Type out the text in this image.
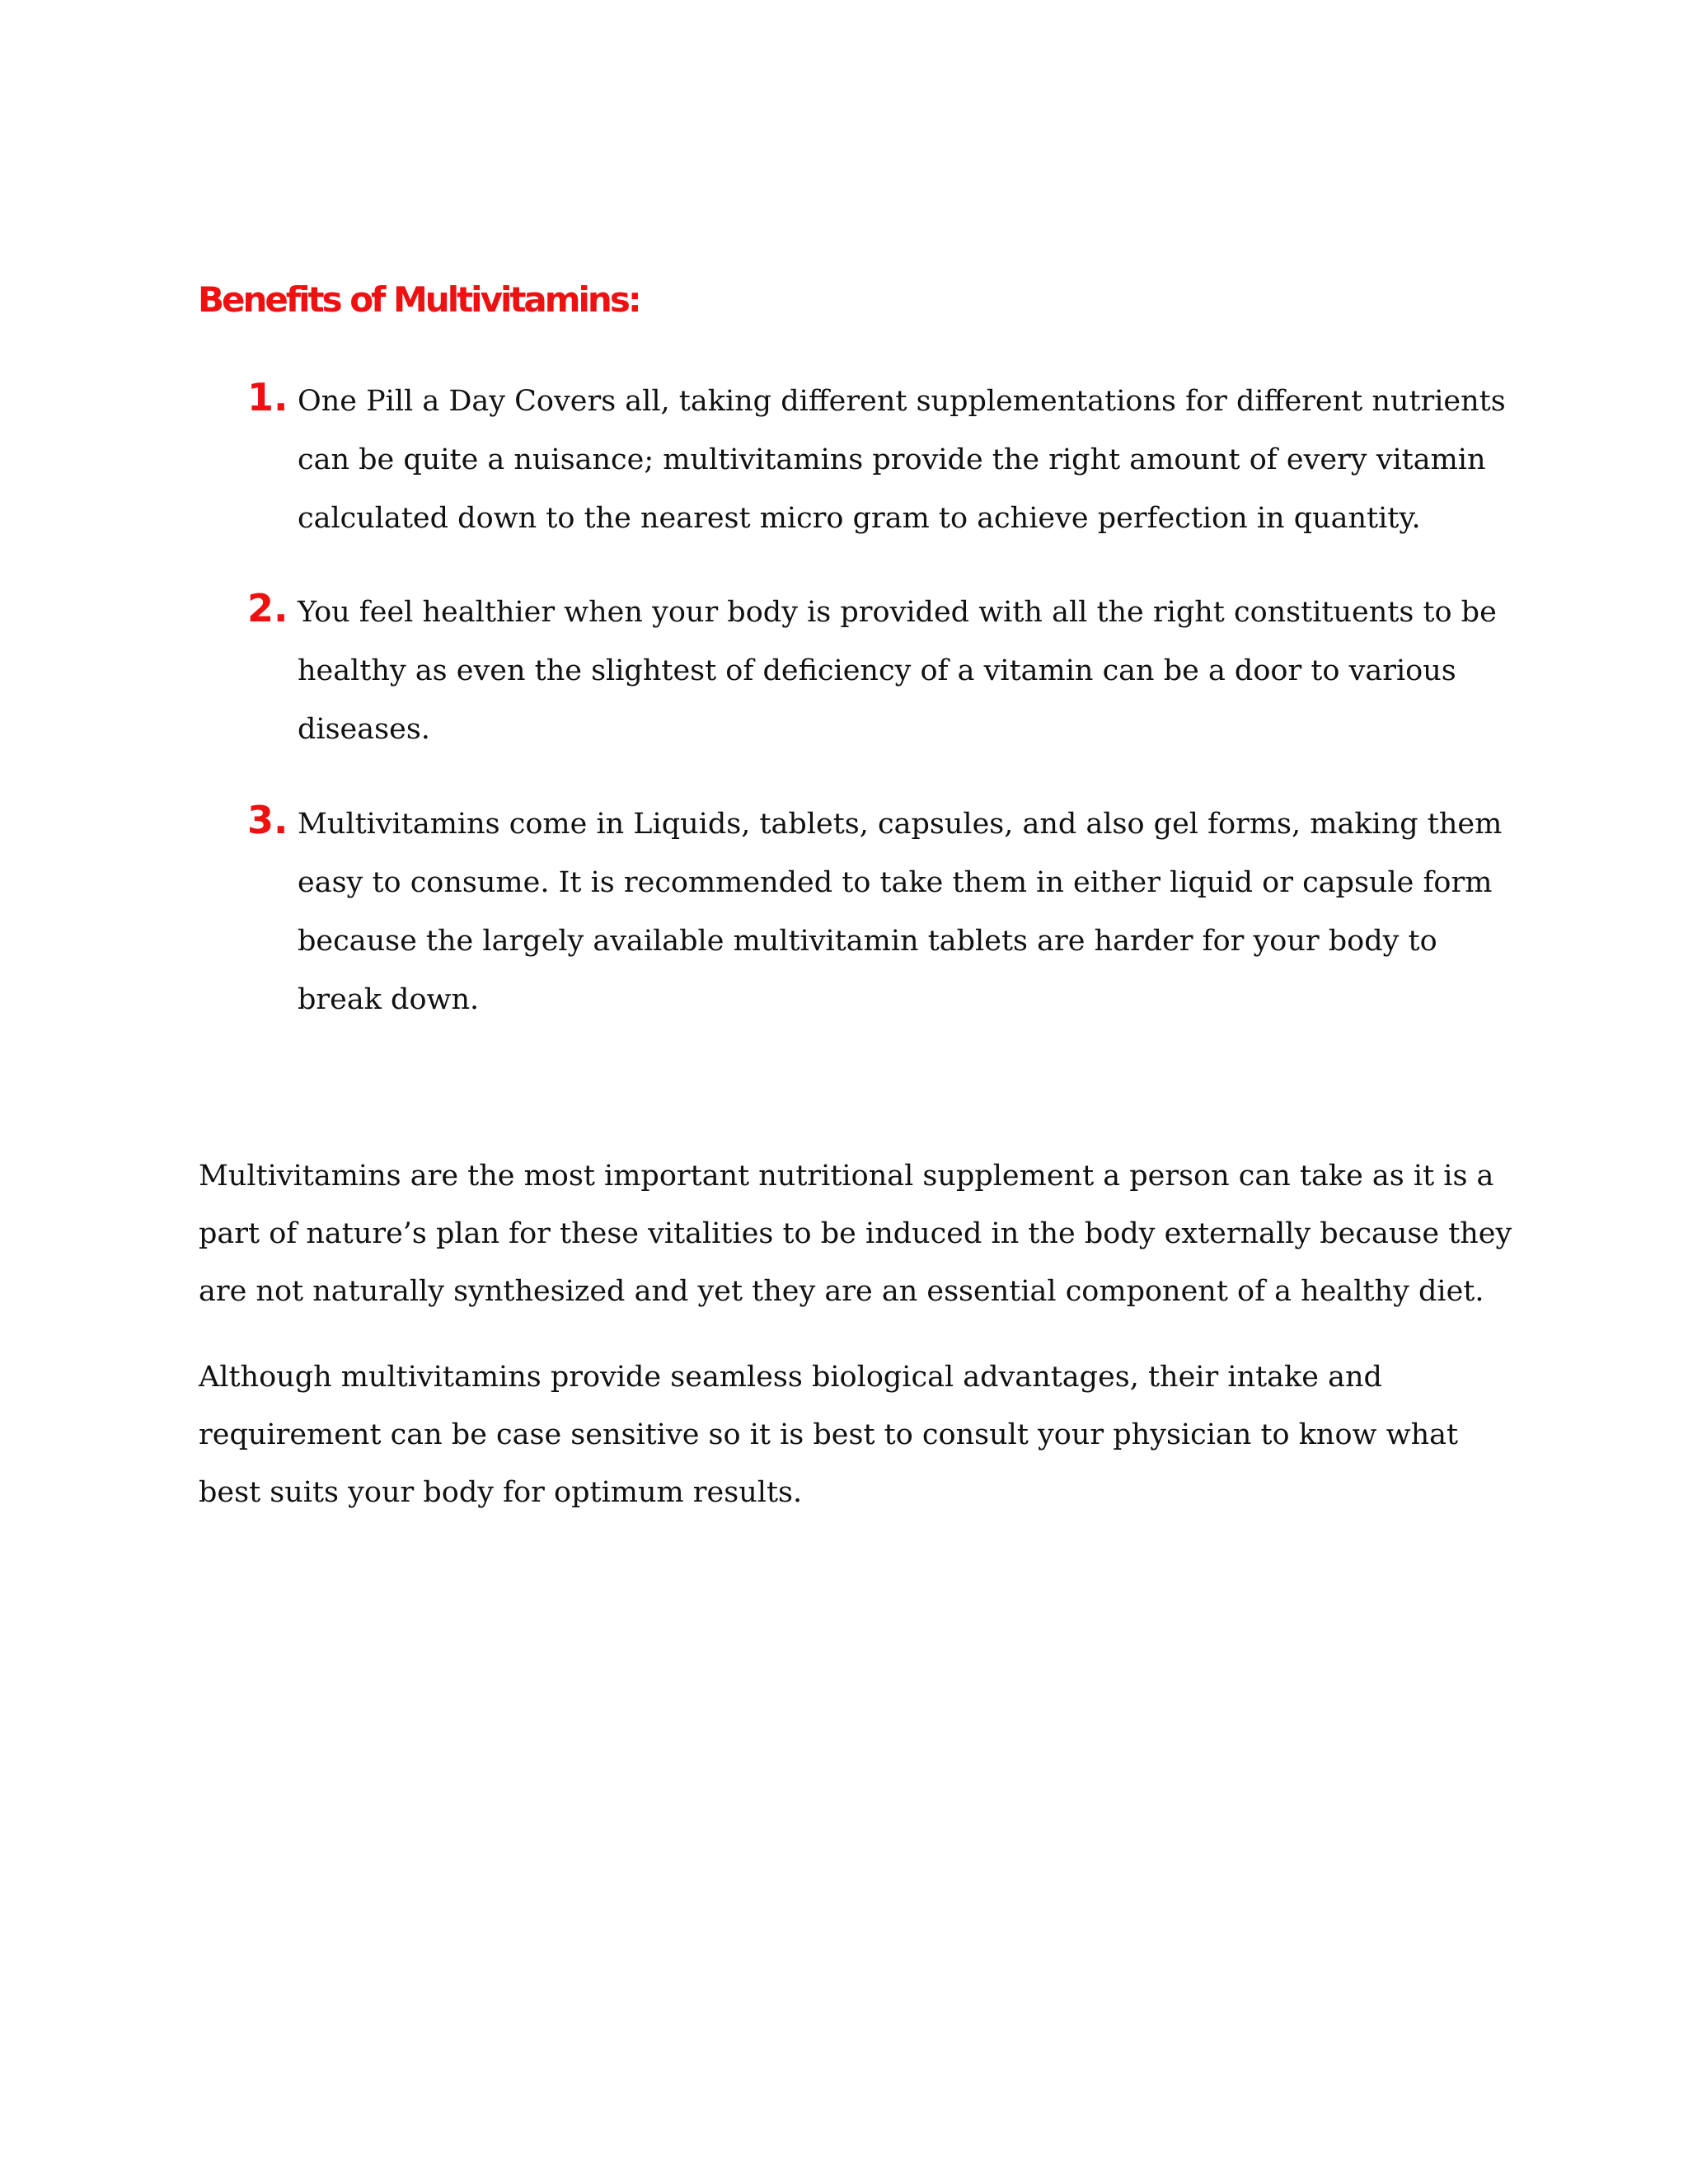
Benefits of Multivitamins:
1. One Pill a Day Covers all, taking different supplementations for different nutrients can be quite a nuisance; multivitamins provide the right amount of every vitamin calculated down to the nearest micro gram to achieve perfection in quantity.

2. You feel healthier when your body is provided with all the right constituents to be healthy as even the slightest of deficiency of a vitamin can be a door to various diseases.

3. Multivitamins come in Liquids, tablets, capsules, and also gel forms, making them easy to consume. It is recommended to take them in either liquid or capsule form because the largely available multivitamin tablets are harder for your body to break down.

Multivitamins are the most important nutritional supplement a person can take as it is a part of nature’s plan for these vitalities to be induced in the body externally because they are not naturally synthesized and yet they are an essential component of a healthy diet.

Although multivitamins provide seamless biological advantages, their intake and requirement can be case sensitive so it is best to consult your physician to know what best suits your body for optimum results.
